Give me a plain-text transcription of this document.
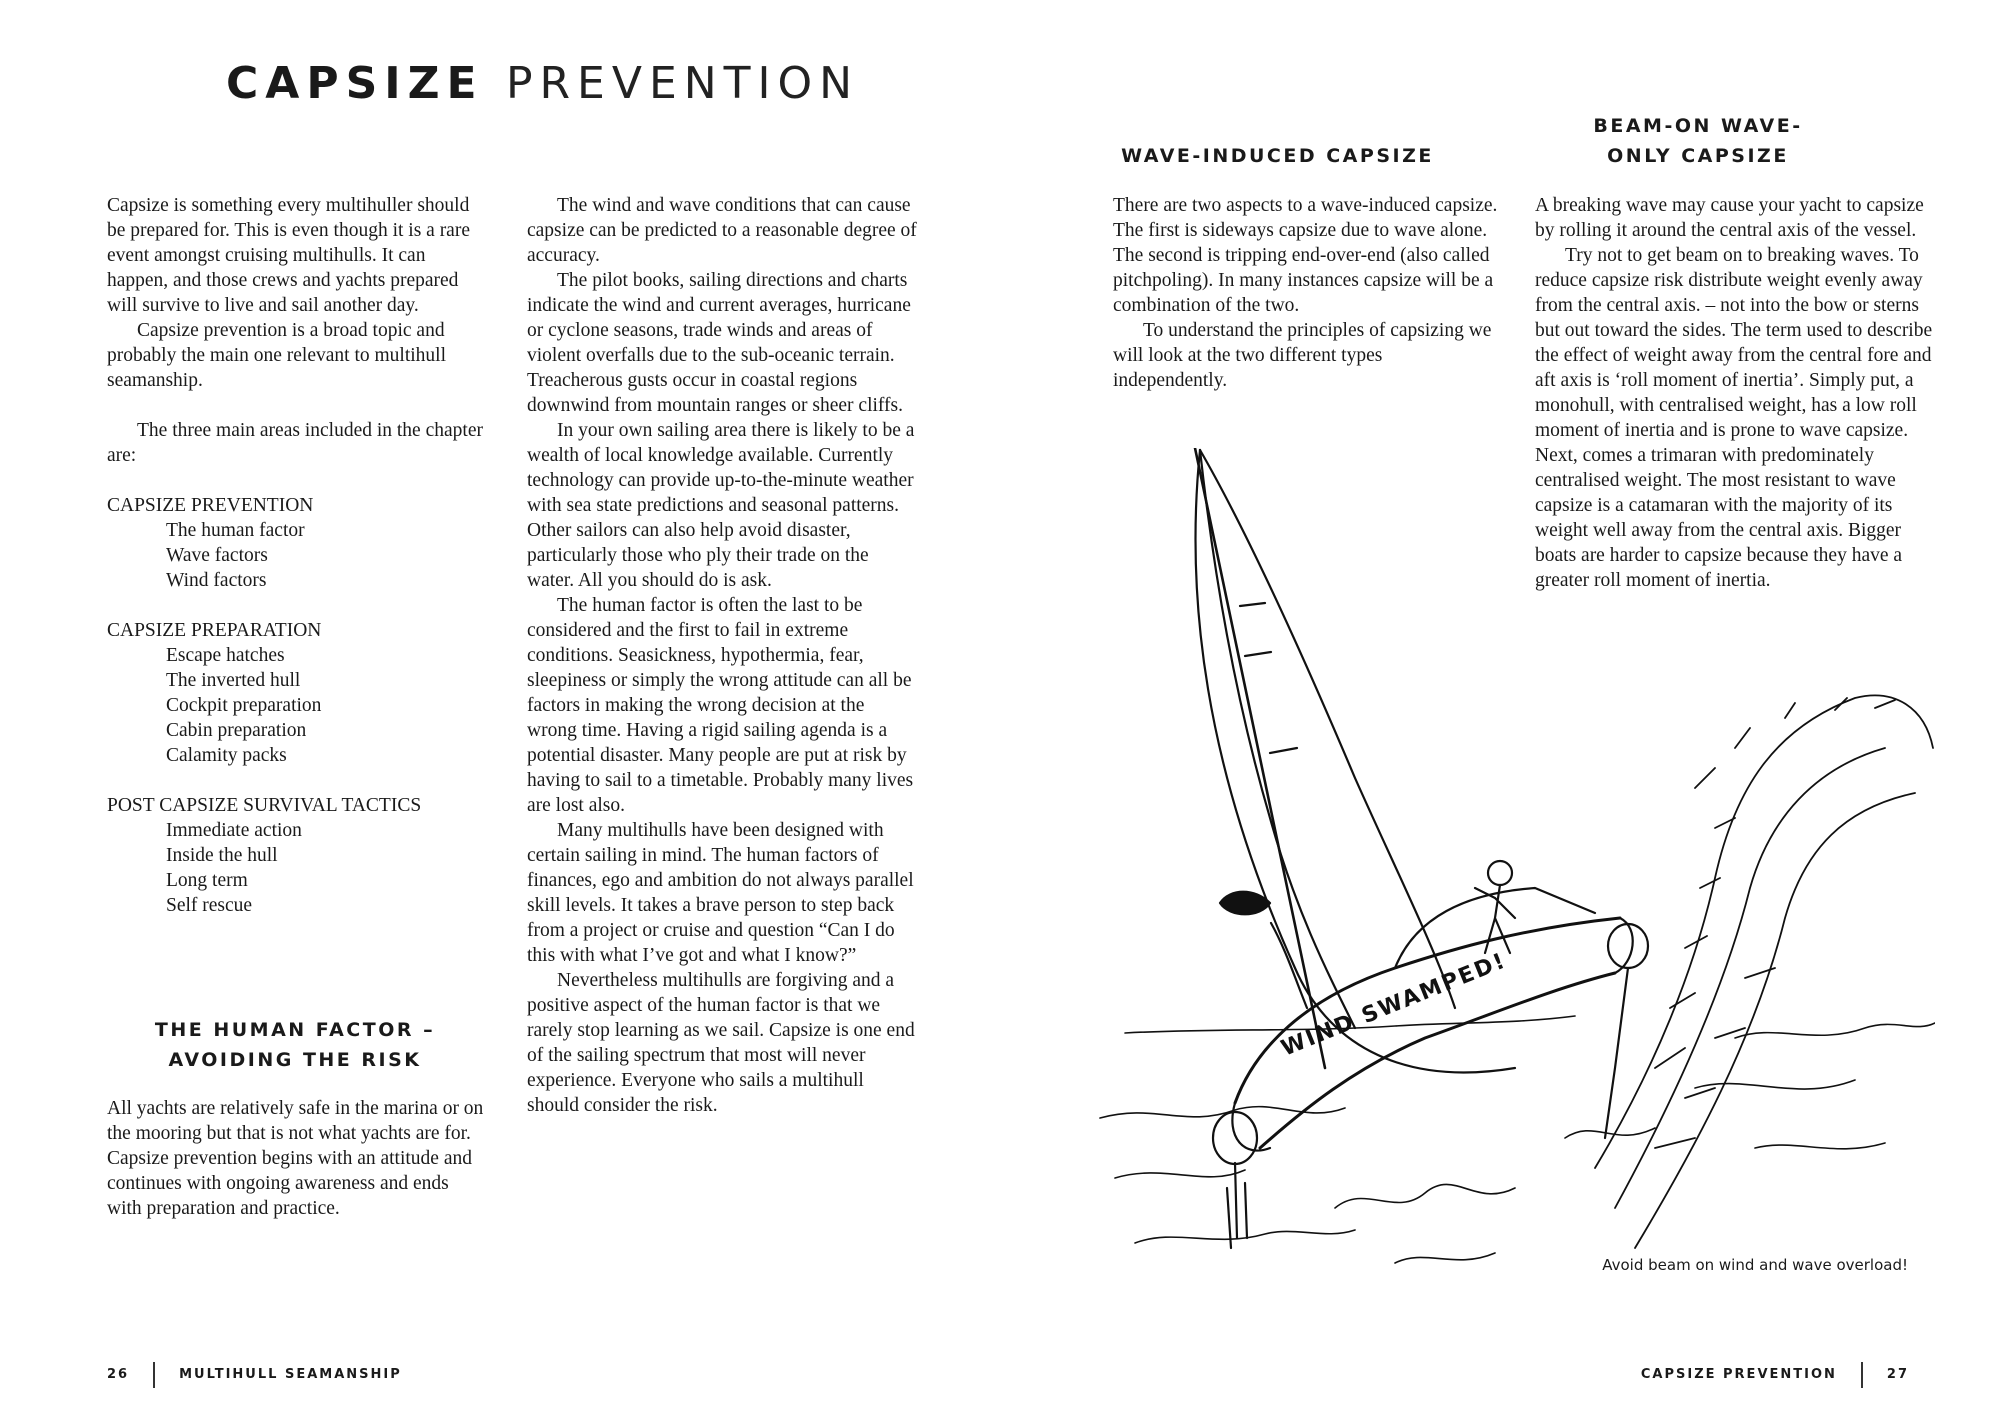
CAPSIZE PREVENTION

Capsize is something every multihuller should be prepared for. This is even though it is a rare event amongst cruising multihulls. It can happen, and those crews and yachts prepared will survive to live and sail another day.

Capsize prevention is a broad topic and probably the main one relevant to multihull seamanship.

The three main areas included in the chapter are:

CAPSIZE PREVENTION

The human factor

Wave factors

Wind factors

CAPSIZE PREPARATION

Escape hatches

The inverted hull

Cockpit preparation

Cabin preparation

Calamity packs

POST CAPSIZE SURVIVAL TACTICS

Immediate action

Inside the hull

Long term

Self rescue

THE HUMAN FACTOR – AVOIDING THE RISK

All yachts are relatively safe in the marina or on the mooring but that is not what yachts are for. Capsize prevention begins with an attitude and continues with ongoing awareness and ends with preparation and practice.

The wind and wave conditions that can cause capsize can be predicted to a reasonable degree of accuracy.

The pilot books, sailing directions and charts indicate the wind and current averages, hurricane or cyclone seasons, trade winds and areas of violent overfalls due to the sub-oceanic terrain. Treacherous gusts occur in coastal regions downwind from mountain ranges or sheer cliffs.

In your own sailing area there is likely to be a wealth of local knowledge available. Currently technology can provide up-to-the-minute weather with sea state predictions and seasonal patterns. Other sailors can also help avoid disaster, particularly those who ply their trade on the water. All you should do is ask.

The human factor is often the last to be considered and the first to fail in extreme conditions. Seasickness, hypothermia, fear, sleepiness or simply the wrong attitude can all be factors in making the wrong decision at the wrong time. Having a rigid sailing agenda is a potential disaster. Many people are put at risk by having to sail to a timetable. Probably many lives are lost also.

Many multihulls have been designed with certain sailing in mind. The human factors of finances, ego and ambition do not always parallel skill levels. It takes a brave person to step back from a project or cruise and question “Can I do this with what I’ve got and what I know?”

Nevertheless multihulls are forgiving and a positive aspect of the human factor is that we rarely stop learning as we sail. Capsize is one end of the sailing spectrum that most will never experience. Everyone who sails a multihull should consider the risk.

26	MULTIHULL SEAMANSHIP
WAVE-INDUCED CAPSIZE

There are two aspects to a wave-induced capsize. The first is sideways capsize due to wave alone. The second is tripping end-over-end (also called pitchpoling). In many instances capsize will be a combination of the two.

To understand the principles of capsizing we will look at the two different types independently.

BEAM-ON WAVE-ONLY CAPSIZE

A breaking wave may cause your yacht to capsize by rolling it around the central axis of the vessel.

Try not to get beam on to breaking waves. To reduce capsize risk distribute weight evenly away from the central axis. – not into the bow or sterns but out toward the sides. The term used to describe the effect of weight away from the central fore and aft axis is ‘roll moment of inertia’. Simply put, a monohull, with centralised weight, has a low roll moment of inertia and is prone to wave capsize. Next, comes a trimaran with predominately centralised weight. The most resistant to wave capsize is a catamaran with the majority of its weight well away from the central axis. Bigger boats are harder to capsize because they have a greater roll moment of inertia.

CAPSIZE PREVENTION	27
Avoid beam on wind and wave overload!
WIND SWAMPED!
